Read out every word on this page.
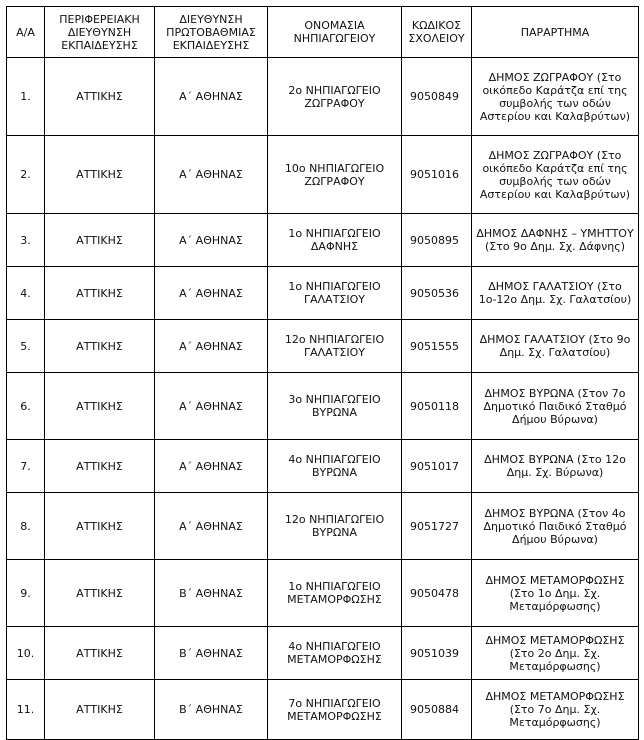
Α/Α	ΠΕΡΙΦΕΡΕΙΑΚΗ ΔΙΕΥΘΥΝΣΗ ΕΚΠΑΙΔΕΥΣΗΣ	ΔΙΕΥΘΥΝΣΗ ΠΡΩΤΟΒΑΘΜΙΑΣ ΕΚΠΑΙΔΕΥΣΗΣ	ΟΝΟΜΑΣΙΑ ΝΗΠΙΑΓΩΓΕΙΟΥ	ΚΩΔΙΚΟΣ ΣΧΟΛΕΙΟΥ	ΠΑΡΑΡΤΗΜΑ
1.	ΑΤΤΙΚΗΣ	Α΄ ΑΘΗΝΑΣ	2ο ΝΗΠΙΑΓΩΓΕΙΟ ΖΩΓΡΑΦΟΥ	9050849	ΔΗΜΟΣ ΖΩΓΡΑΦΟΥ (Στο οικόπεδο Καράτζα επί της συμβολής των οδών Αστερίου και Καλαβρύτων)
2.	ΑΤΤΙΚΗΣ	Α΄ ΑΘΗΝΑΣ	10ο ΝΗΠΙΑΓΩΓΕΙΟ ΖΩΓΡΑΦΟΥ	9051016	ΔΗΜΟΣ ΖΩΓΡΑΦΟΥ (Στο οικόπεδο Καράτζα επί της συμβολής των οδών Αστερίου και Καλαβρύτων)
3.	ΑΤΤΙΚΗΣ	Α΄ ΑΘΗΝΑΣ	1ο ΝΗΠΙΑΓΩΓΕΙΟ ΔΑΦΝΗΣ	9050895	ΔΗΜΟΣ ΔΑΦΝΗΣ – ΥΜΗΤΤΟΥ (Στο 9ο Δημ. Σχ. Δάφνης)
4.	ΑΤΤΙΚΗΣ	Α΄ ΑΘΗΝΑΣ	1ο ΝΗΠΙΑΓΩΓΕΙΟ ΓΑΛΑΤΣΙΟΥ	9050536	ΔΗΜΟΣ ΓΑΛΑΤΣΙΟΥ (Στο 1ο-12ο Δημ. Σχ. Γαλατσίου)
5.	ΑΤΤΙΚΗΣ	Α΄ ΑΘΗΝΑΣ	12ο ΝΗΠΙΑΓΩΓΕΙΟ ΓΑΛΑΤΣΙΟΥ	9051555	ΔΗΜΟΣ ΓΑΛΑΤΣΙΟΥ (Στο 9ο Δημ. Σχ. Γαλατσίου)
6.	ΑΤΤΙΚΗΣ	Α΄ ΑΘΗΝΑΣ	3ο ΝΗΠΙΑΓΩΓΕΙΟ ΒΥΡΩΝΑ	9050118	ΔΗΜΟΣ ΒΥΡΩΝΑ (Στον 7ο Δημοτικό Παιδικό Σταθμό Δήμου Βύρωνα)
7.	ΑΤΤΙΚΗΣ	Α΄ ΑΘΗΝΑΣ	4ο ΝΗΠΙΑΓΩΓΕΙΟ ΒΥΡΩΝΑ	9051017	ΔΗΜΟΣ ΒΥΡΩΝΑ (Στο 12ο Δημ. Σχ. Βύρωνα)
8.	ΑΤΤΙΚΗΣ	Α΄ ΑΘΗΝΑΣ	12ο ΝΗΠΙΑΓΩΓΕΙΟ ΒΥΡΩΝΑ	9051727	ΔΗΜΟΣ ΒΥΡΩΝΑ (Στον 4ο Δημοτικό Παιδικό Σταθμό Δήμου Βύρωνα)
9.	ΑΤΤΙΚΗΣ	Β΄ ΑΘΗΝΑΣ	1ο ΝΗΠΙΑΓΩΓΕΙΟ ΜΕΤΑΜΟΡΦΩΣΗΣ	9050478	ΔΗΜΟΣ ΜΕΤΑΜΟΡΦΩΣΗΣ (Στο 1ο Δημ. Σχ. Μεταμόρφωσης)
10.	ΑΤΤΙΚΗΣ	Β΄ ΑΘΗΝΑΣ	4ο ΝΗΠΙΑΓΩΓΕΙΟ ΜΕΤΑΜΟΡΦΩΣΗΣ	9051039	ΔΗΜΟΣ ΜΕΤΑΜΟΡΦΩΣΗΣ (Στο 2ο Δημ. Σχ. Μεταμόρφωσης)
11.	ΑΤΤΙΚΗΣ	Β΄ ΑΘΗΝΑΣ	7ο ΝΗΠΙΑΓΩΓΕΙΟ ΜΕΤΑΜΟΡΦΩΣΗΣ	9050884	ΔΗΜΟΣ ΜΕΤΑΜΟΡΦΩΣΗΣ (Στο 7ο Δημ. Σχ. Μεταμόρφωσης)
